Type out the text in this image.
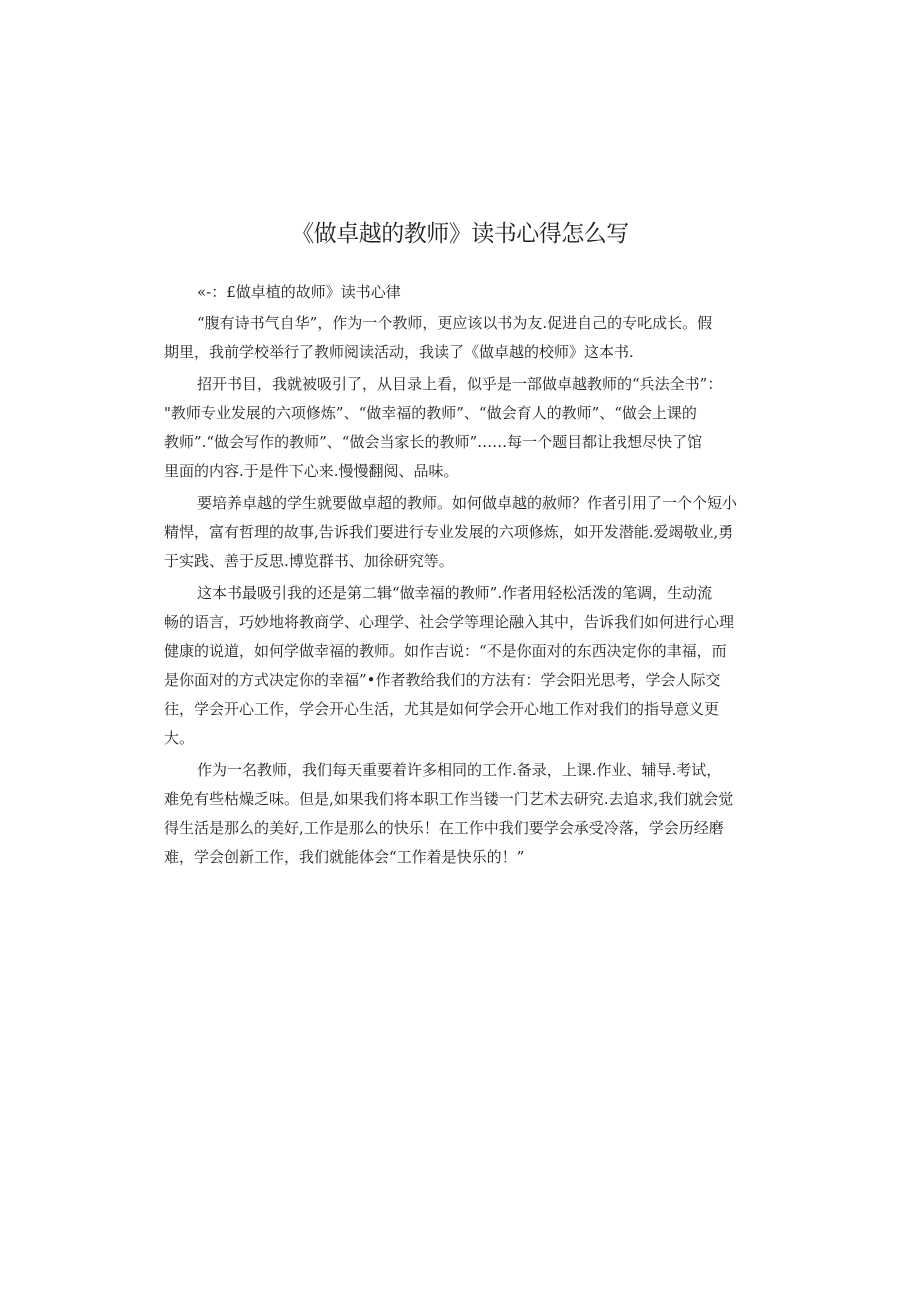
《做卓越的教师》读书心得怎么写

«-：£做卓植的故师》读书心律

“腹有诗书气自华”，作为一个教师，更应该以书为友.促进自己的专叱成长。假
期里，我前学校举行了教师阅读活动，我读了《做卓越的校师》这本书.

招开书目，我就被吸引了，从目录上看，似乎是一部做卓越教师的“兵法全书”：
"教师专业发展的六项修炼”、“做幸福的教师”、“做会育人的教师”、“做会上课的
教师”.“做会写作的教师”、“做会当家长的教师”……每一个题目都让我想尽快了馆
里面的内容.于是件下心来.慢慢翻阅、品味。

要培养卓越的学生就要做卓超的教师。如何做卓越的赦师？作者引用了一个个短小
精悍，富有哲理的故事,告诉我们要进行专业发展的六项修炼，如开发潜能.爱竭敬业,勇
于实践、善于反思.博览群书、加徐研究等。

这本书最吸引我的还是第二辑“做幸福的教师”.作者用轻松活泼的笔调，生动流
畅的语言，巧妙地将教商学、心理学、社会学等理论融入其中，告诉我们如何进行心理
健康的说道，如何学做幸福的教师。如作吉说：“不是你面对的东西决定你的聿福，而
是你面对的方式决定你的幸福”•作者教给我们的方法有：学会阳光思考，学会人际交
往，学会开心工作，学会开心生活，尤其是如何学会开心地工作对我们的指导意义更
大。

作为一名教师，我们每天重要着许多相同的工作.备录，上课.作业、辅导.考试，
难免有些枯燥乏味。但是,如果我们将本职工作当镂一门艺术去研究.去追求,我们就会觉
得生活是那么的美好,工作是那么的快乐！在工作中我们要学会承受冷落，学会历经磨
难，学会创新工作，我们就能体会“工作着是快乐的！”
